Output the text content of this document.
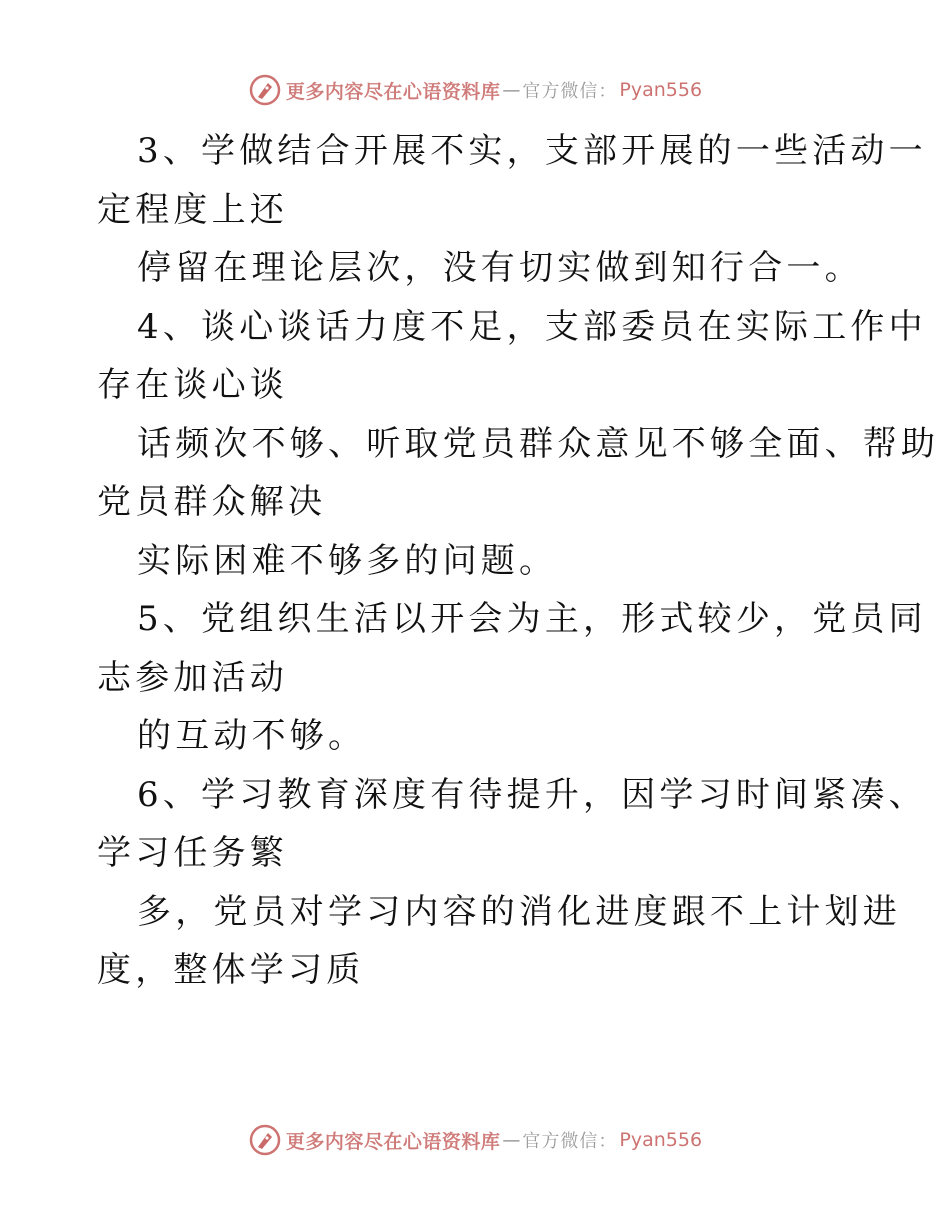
更多内容尽在心语资料库 — 官方微信： Pyan556
3、学做结合开展不实，支部开展的一些活动一
定程度上还
停留在理论层次，没有切实做到知行合一。
4、谈心谈话力度不足，支部委员在实际工作中
存在谈心谈
话频次不够、听取党员群众意见不够全面、帮助
党员群众解决
实际困难不够多的问题。
5、党组织生活以开会为主，形式较少，党员同
志参加活动
的互动不够。
6、学习教育深度有待提升，因学习时间紧凑、
学习任务繁
多，党员对学习内容的消化进度跟不上计划进
度，整体学习质
更多内容尽在心语资料库 — 官方微信： Pyan556
